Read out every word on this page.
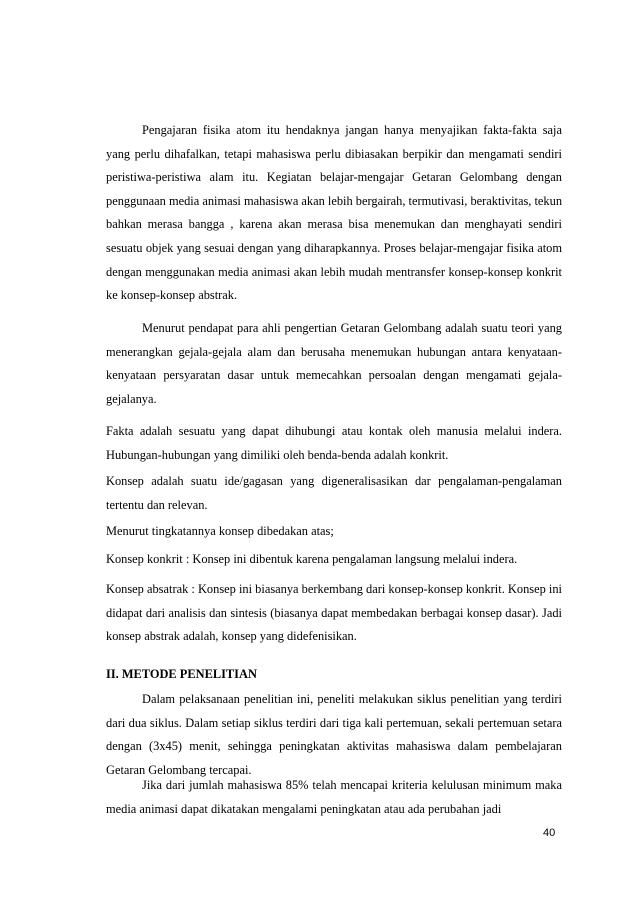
Pengajaran fisika atom itu hendaknya jangan hanya menyajikan fakta-fakta saja yang perlu dihafalkan, tetapi mahasiswa perlu dibiasakan berpikir dan mengamati sendiri peristiwa-peristiwa alam itu. Kegiatan belajar-mengajar Getaran Gelombang dengan penggunaan media animasi mahasiswa akan lebih bergairah, termutivasi, beraktivitas, tekun bahkan merasa bangga , karena akan merasa bisa menemukan dan menghayati sendiri sesuatu objek yang sesuai dengan yang diharapkannya. Proses belajar-mengajar fisika atom dengan menggunakan media animasi akan lebih mudah mentransfer konsep-konsep konkrit ke konsep-konsep abstrak.

Menurut pendapat para ahli pengertian Getaran Gelombang adalah suatu teori yang menerangkan gejala-gejala alam dan berusaha menemukan hubungan antara kenyataan-kenyataan persyaratan dasar untuk memecahkan persoalan dengan mengamati gejala-gejalanya.

Fakta adalah sesuatu yang dapat dihubungi atau kontak oleh manusia melalui indera. Hubungan-hubungan yang dimiliki oleh benda-benda adalah konkrit.

Konsep adalah suatu ide/gagasan yang digeneralisasikan dar pengalaman-pengalaman tertentu dan relevan.

Menurut tingkatannya konsep dibedakan atas;

Konsep konkrit : Konsep ini dibentuk karena pengalaman langsung melalui indera.

Konsep absatrak : Konsep ini biasanya berkembang dari konsep-konsep konkrit. Konsep ini didapat dari analisis dan sintesis (biasanya dapat membedakan berbagai konsep dasar). Jadi konsep abstrak adalah, konsep yang didefenisikan.

II. METODE PENELITIAN

Dalam pelaksanaan penelitian ini, peneliti melakukan siklus penelitian yang terdiri dari dua siklus. Dalam setiap siklus terdiri dari tiga kali pertemuan, sekali pertemuan setara dengan (3x45) menit, sehingga peningkatan aktivitas mahasiswa dalam pembelajaran Getaran Gelombang tercapai.

Jika dari jumlah mahasiswa 85% telah mencapai kriteria kelulusan minimum maka media animasi dapat dikatakan mengalami peningkatan atau ada perubahan jadi

40
